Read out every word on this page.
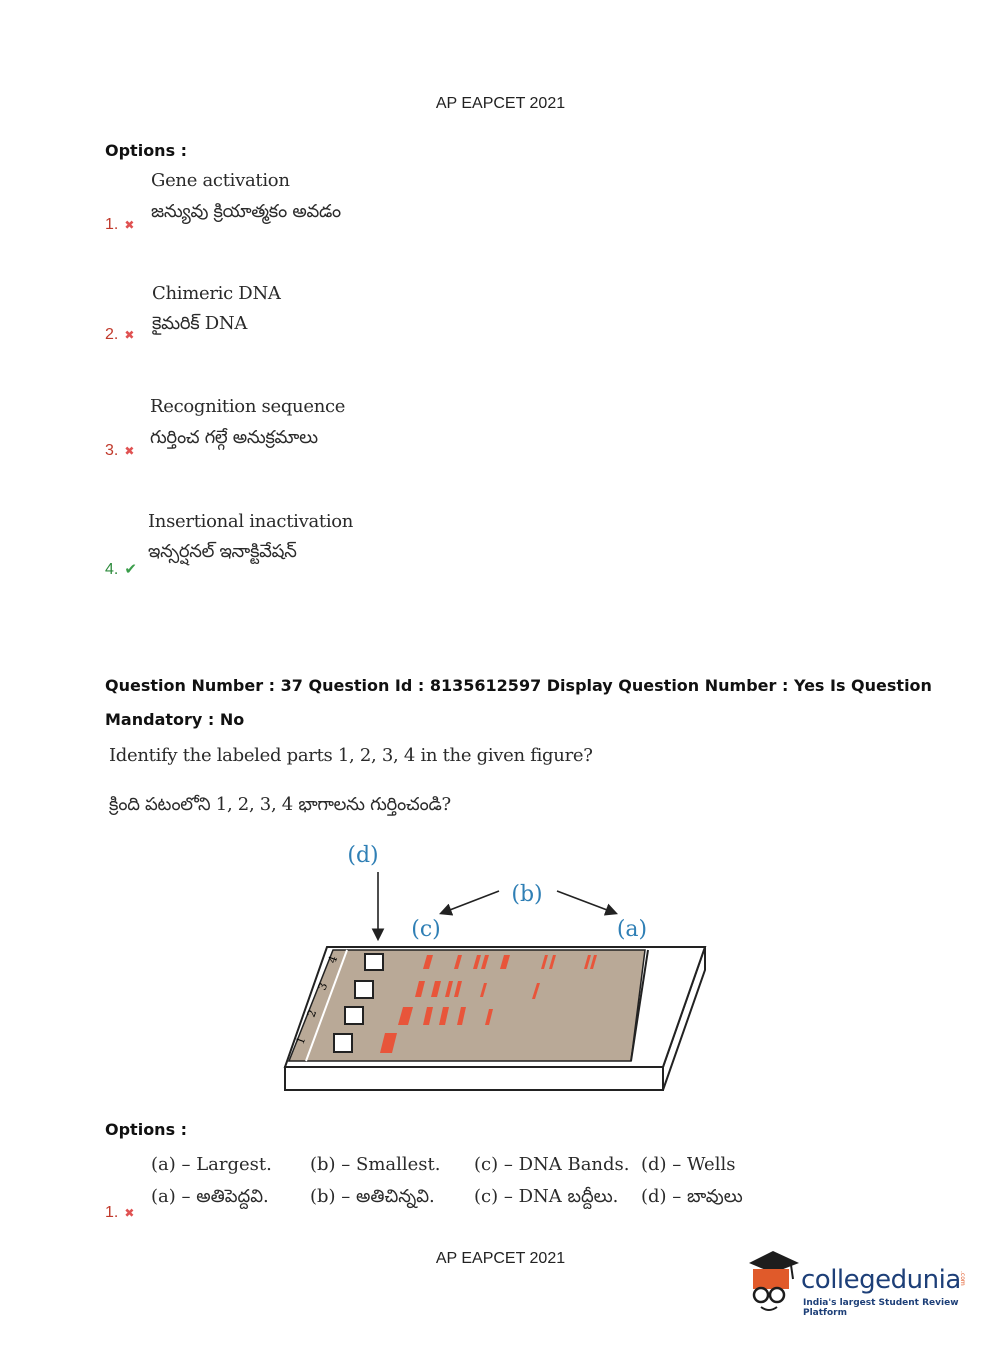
AP EAPCET 2021
Options :
Gene activation
జన్యువు క్రియాత్మకం అవడం
1. ✖
Chimeric DNA
కైమరిక్ DNA
2. ✖
Recognition sequence
గుర్తించ గల్గే అనుక్రమాలు
3. ✖
Insertional inactivation
ఇన్సర్షనల్ ఇనాక్టివేషన్
4. ✔
Question Number : 37 Question Id : 8135612597 Display Question Number : Yes Is Question
Mandatory : No
Identify the labeled parts 1, 2, 3, 4 in the given figure?
క్రింది పటంలోని 1, 2, 3, 4 భాగాలను గుర్తించండి?
4
3
2
1
(d)
(b)
(c)	(a)
Options :
(a) – Largest. (b) – Smallest. (c) – DNA Bands. (d) – Wells
(a) – అతిపెద్దవి. (b) – అతిచిన్నవి. (c) – DNA బద్దీలు. (d) – బావులు
1. ✖
AP EAPCET 2021
collegedunia
.com
India's largest Student Review Platform
